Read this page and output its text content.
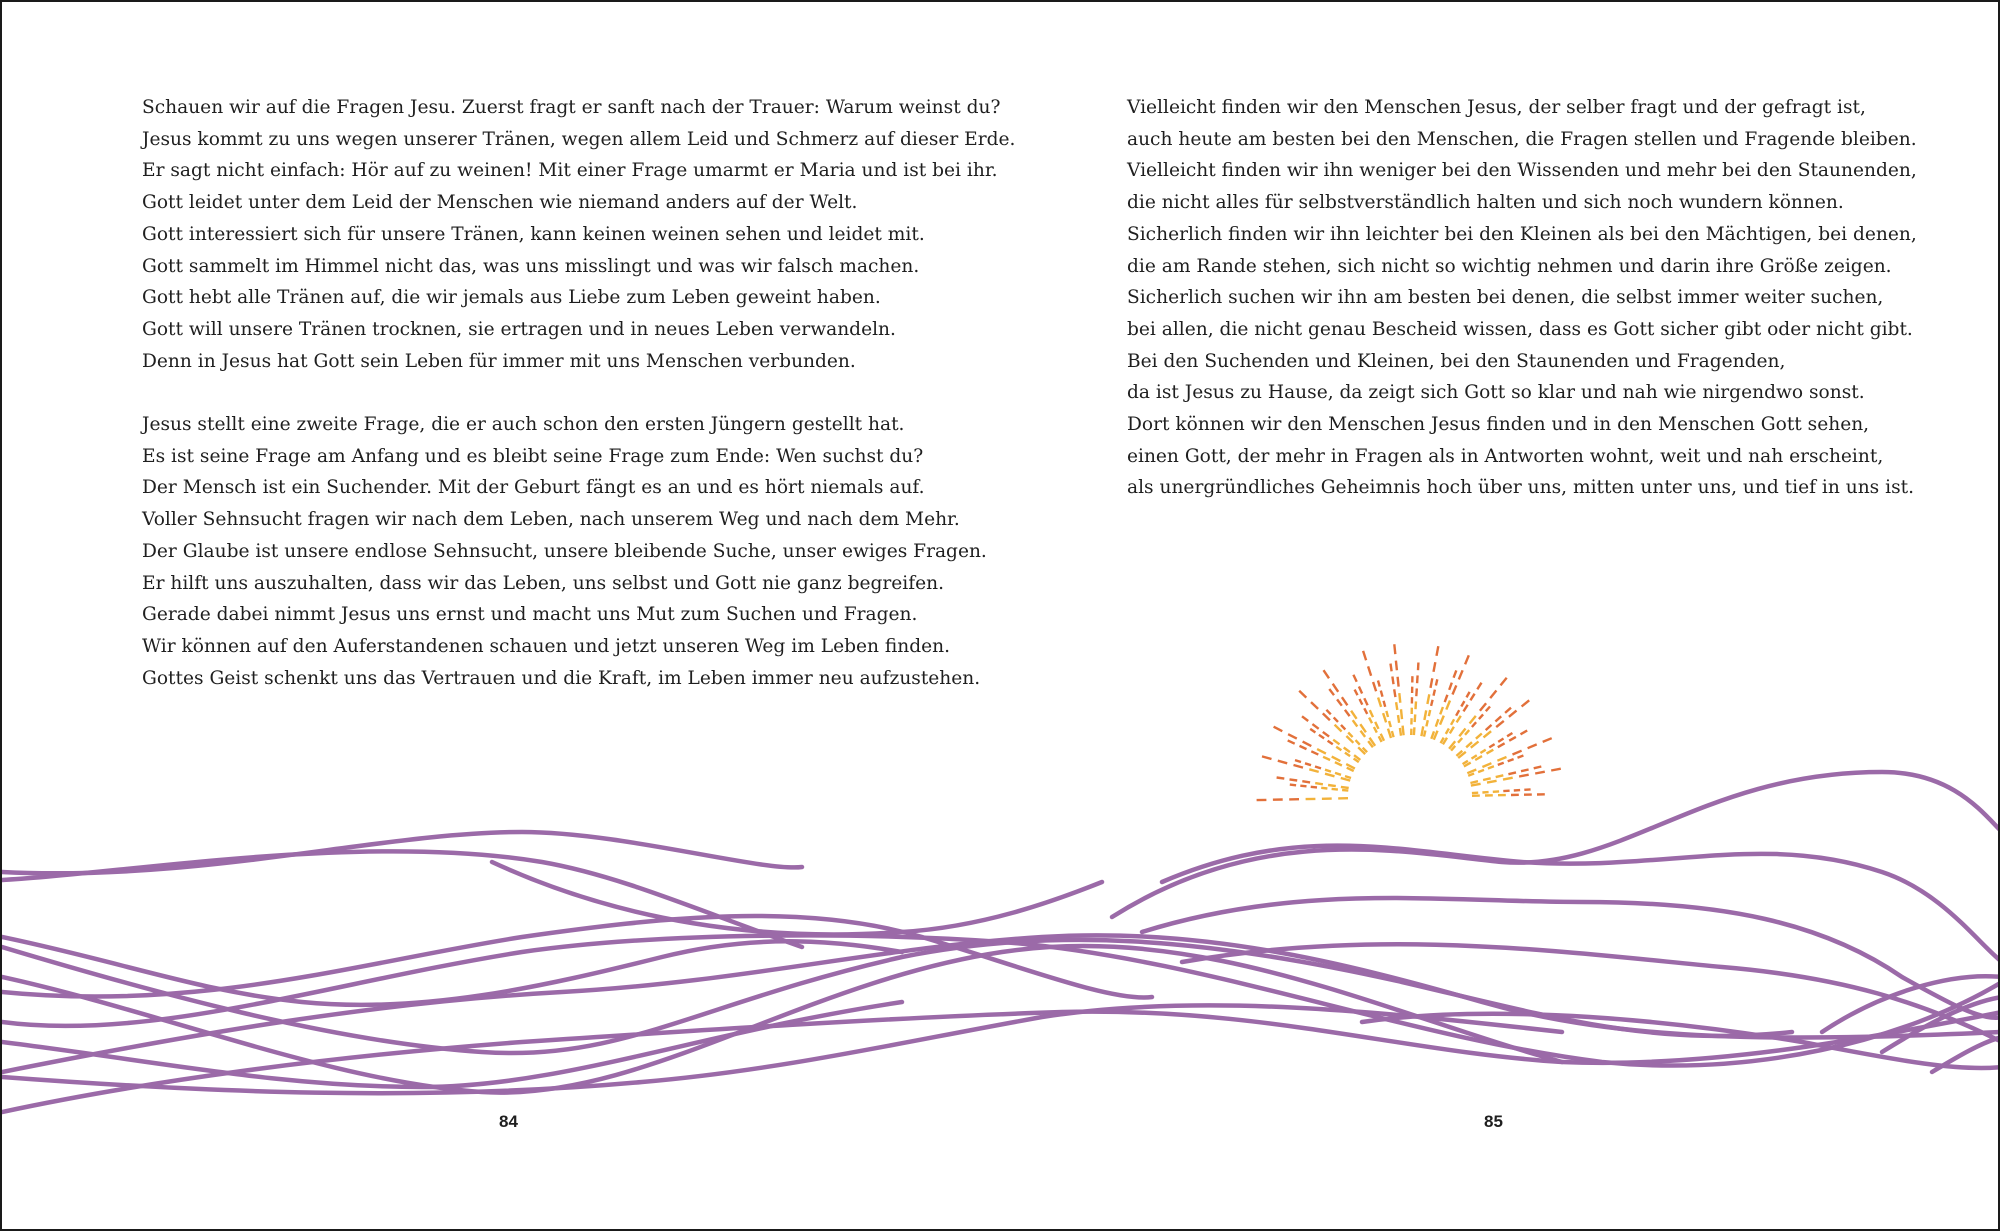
Schauen wir auf die Fragen Jesu. Zuerst fragt er sanft nach der Trauer: Warum weinst du?
Jesus kommt zu uns wegen unserer Tränen, wegen allem Leid und Schmerz auf dieser Erde.
Er sagt nicht einfach: Hör auf zu weinen! Mit einer Frage umarmt er Maria und ist bei ihr.
Gott leidet unter dem Leid der Menschen wie niemand anders auf der Welt.
Gott interessiert sich für unsere Tränen, kann keinen weinen sehen und leidet mit.
Gott sammelt im Himmel nicht das, was uns misslingt und was wir falsch machen.
Gott hebt alle Tränen auf, die wir jemals aus Liebe zum Leben geweint haben.
Gott will unsere Tränen trocknen, sie ertragen und in neues Leben verwandeln.
Denn in Jesus hat Gott sein Leben für immer mit uns Menschen verbunden.
Jesus stellt eine zweite Frage, die er auch schon den ersten Jüngern gestellt hat.
Es ist seine Frage am Anfang und es bleibt seine Frage zum Ende: Wen suchst du?
Der Mensch ist ein Suchender. Mit der Geburt fängt es an und es hört niemals auf.
Voller Sehnsucht fragen wir nach dem Leben, nach unserem Weg und nach dem Mehr.
Der Glaube ist unsere endlose Sehnsucht, unsere bleibende Suche, unser ewiges Fragen.
Er hilft uns auszuhalten, dass wir das Leben, uns selbst und Gott nie ganz begreifen.
Gerade dabei nimmt Jesus uns ernst und macht uns Mut zum Suchen und Fragen.
Wir können auf den Auferstandenen schauen und jetzt unseren Weg im Leben finden.
Gottes Geist schenkt uns das Vertrauen und die Kraft, im Leben immer neu aufzustehen.
Vielleicht finden wir den Menschen Jesus, der selber fragt und der gefragt ist,
auch heute am besten bei den Menschen, die Fragen stellen und Fragende bleiben.
Vielleicht finden wir ihn weniger bei den Wissenden und mehr bei den Staunenden,
die nicht alles für selbstverständlich halten und sich noch wundern können.
Sicherlich finden wir ihn leichter bei den Kleinen als bei den Mächtigen, bei denen,
die am Rande stehen, sich nicht so wichtig nehmen und darin ihre Größe zeigen.
Sicherlich suchen wir ihn am besten bei denen, die selbst immer weiter suchen,
bei allen, die nicht genau Bescheid wissen, dass es Gott sicher gibt oder nicht gibt.
Bei den Suchenden und Kleinen, bei den Staunenden und Fragenden,
da ist Jesus zu Hause, da zeigt sich Gott so klar und nah wie nirgendwo sonst.
Dort können wir den Menschen Jesus finden und in den Menschen Gott sehen,
einen Gott, der mehr in Fragen als in Antworten wohnt, weit und nah erscheint,
als unergründliches Geheimnis hoch über uns, mitten unter uns, und tief in uns ist.
84	85
